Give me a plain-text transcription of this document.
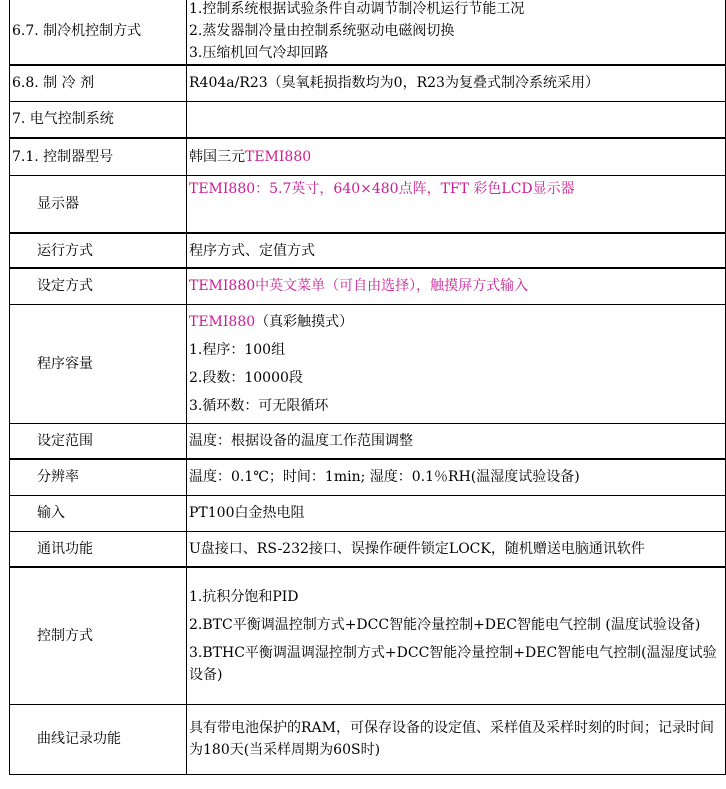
6.7. 制冷机控制方式	1.控制系统根据试验条件自动调节制冷机运行节能工况
2.蒸发器制冷量由控制系统驱动电磁阀切换
3.压缩机回气冷却回路

6.8. 制 冷 剂	R404a/R23（臭氧耗损指数均为0，R23为复叠式制冷系统采用）

7. 电气控制系统	
7.1. 控制器型号	韩国三元TEMI880
显示器	TEMI880：5.7英寸，640×480点阵，TFT 彩色LCD显示器

运行方式	程序方式、定值方式

设定方式	TEMI880中英文菜单（可自由选择），触摸屏方式输入

程序容量	TEMI880（真彩触摸式）
1.程序：100组
2.段数：10000段
3.循环数：可无限循环

设定范围	温度：根据设备的温度工作范围调整

分辨率	温度：0.1℃；时间：1min; 湿度：0.1％RH(温湿度试验设备)

输入	PT100白金热电阻

通讯功能	U盘接口、RS-232接口、误操作硬件锁定LOCK，随机赠送电脑通讯软件

控制方式	1.抗积分饱和PID
2.BTC平衡调温控制方式+DCC智能冷量控制+DEC智能电气控制 (温度试验设备)
3.BTHC平衡调温调湿控制方式+DCC智能冷量控制+DEC智能电气控制(温湿度试验设备)

曲线记录功能	具有带电池保护的RAM，可保存设备的设定值、采样值及采样时刻的时间；记录时间为180天(当采样周期为60S时)
